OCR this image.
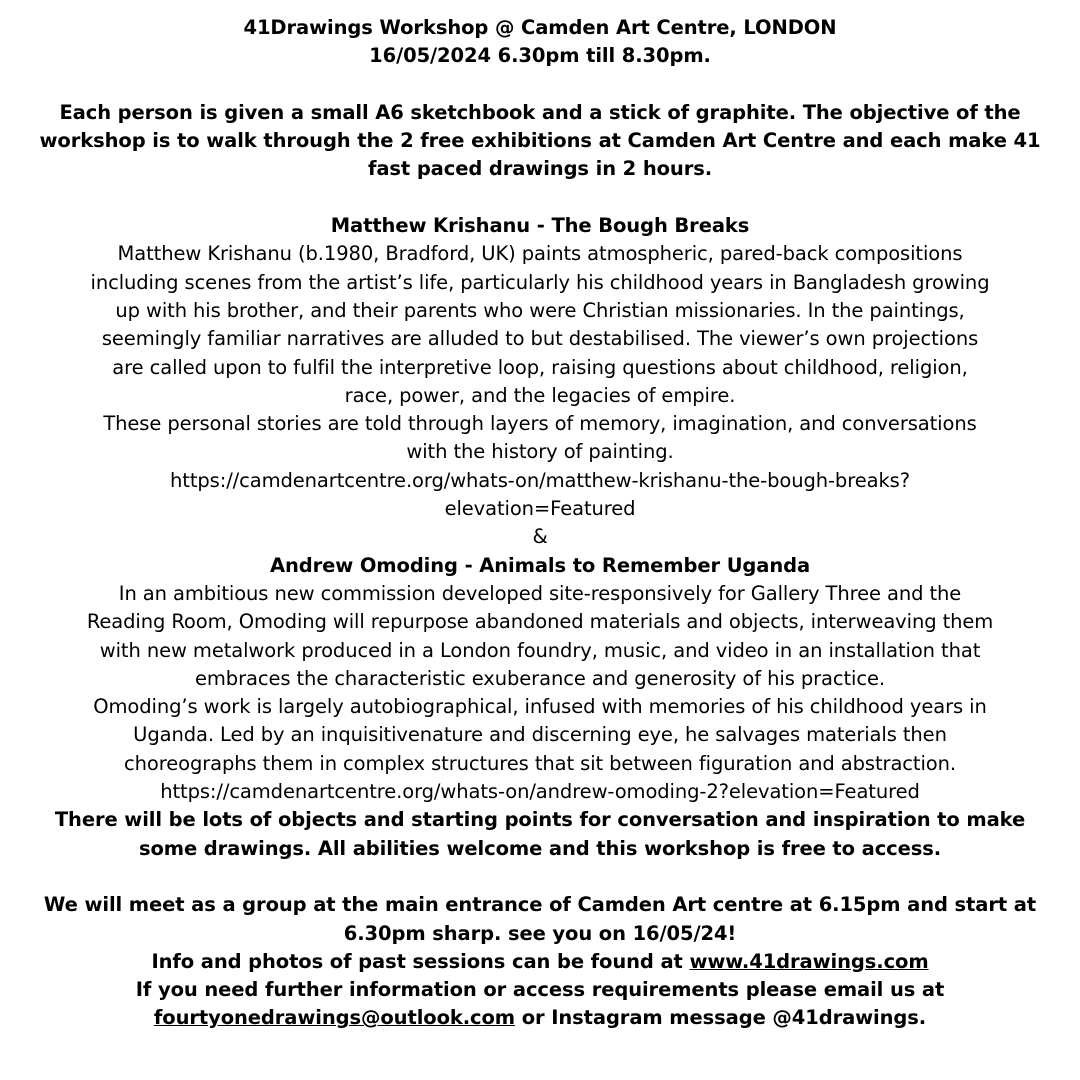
41Drawings Workshop @ Camden Art Centre, LONDON
16/05/2024 6.30pm till 8.30pm.
Each person is given a small A6 sketchbook and a stick of graphite. The objective of the
workshop is to walk through the 2 free exhibitions at Camden Art Centre and each make 41
fast paced drawings in 2 hours.
Matthew Krishanu - The Bough Breaks
Matthew Krishanu (b.1980, Bradford, UK) paints atmospheric, pared-back compositions
including scenes from the artist’s life, particularly his childhood years in Bangladesh growing
up with his brother, and their parents who were Christian missionaries. In the paintings,
seemingly familiar narratives are alluded to but destabilised. The viewer’s own projections
are called upon to fulfil the interpretive loop, raising questions about childhood, religion,
race, power, and the legacies of empire.
These personal stories are told through layers of memory, imagination, and conversations
with the history of painting.
https://camdenartcentre.org/whats-on/matthew-krishanu-the-bough-breaks?
elevation=Featured
&
Andrew Omoding - Animals to Remember Uganda
In an ambitious new commission developed site-responsively for Gallery Three and the
Reading Room, Omoding will repurpose abandoned materials and objects, interweaving them
with new metalwork produced in a London foundry, music, and video in an installation that
embraces the characteristic exuberance and generosity of his practice.
Omoding’s work is largely autobiographical, infused with memories of his childhood years in
Uganda. Led by an inquisitivenature and discerning eye, he salvages materials then
choreographs them in complex structures that sit between figuration and abstraction.
https://camdenartcentre.org/whats-on/andrew-omoding-2?elevation=Featured
There will be lots of objects and starting points for conversation and inspiration to make
some drawings. All abilities welcome and this workshop is free to access.
We will meet as a group at the main entrance of Camden Art centre at 6.15pm and start at
6.30pm sharp. see you on 16/05/24!
Info and photos of past sessions can be found at www.41drawings.com
If you need further information or access requirements please email us at
fourtyonedrawings@outlook.com or Instagram message @41drawings.
